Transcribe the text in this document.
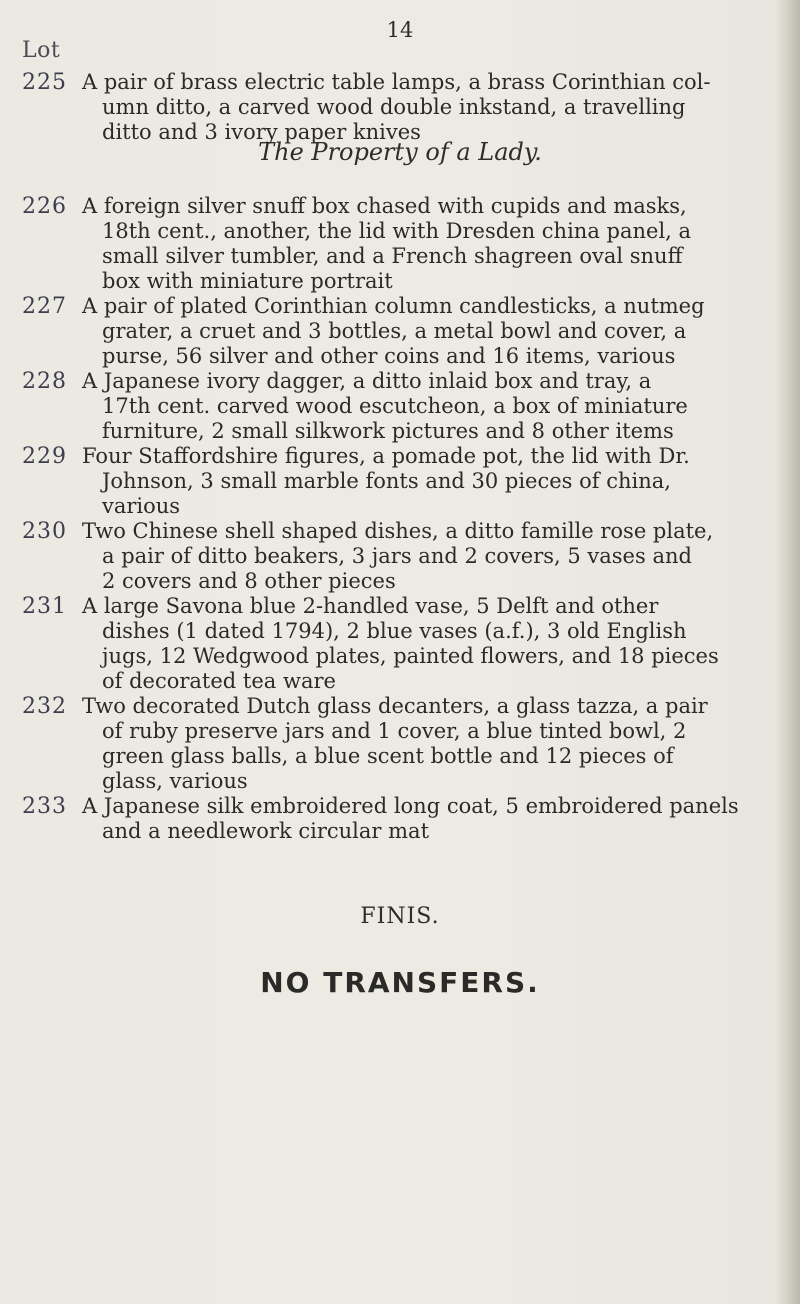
14
Lot
225 A pair of brass electric table lamps, a brass Corinthian col-
umn ditto, a carved wood double inkstand, a travelling
ditto and 3 ivory paper knives
The Property of a Lady.
226 A foreign silver snuff box chased with cupids and masks,
18th cent., another, the lid with Dresden china panel, a
small silver tumbler, and a French shagreen oval snuff
box with miniature portrait
227 A pair of plated Corinthian column candlesticks, a nutmeg
grater, a cruet and 3 bottles, a metal bowl and cover, a
purse, 56 silver and other coins and 16 items, various
228 A Japanese ivory dagger, a ditto inlaid box and tray, a
17th cent. carved wood escutcheon, a box of miniature
furniture, 2 small silkwork pictures and 8 other items
229 Four Staffordshire figures, a pomade pot, the lid with Dr.
Johnson, 3 small marble fonts and 30 pieces of china,
various
230 Two Chinese shell shaped dishes, a ditto famille rose plate,
a pair of ditto beakers, 3 jars and 2 covers, 5 vases and
2 covers and 8 other pieces
231 A large Savona blue 2-handled vase, 5 Delft and other
dishes (1 dated 1794), 2 blue vases (a.f.), 3 old English
jugs, 12 Wedgwood plates, painted flowers, and 18 pieces
of decorated tea ware
232 Two decorated Dutch glass decanters, a glass tazza, a pair
of ruby preserve jars and 1 cover, a blue tinted bowl, 2
green glass balls, a blue scent bottle and 12 pieces of
glass, various
233 A Japanese silk embroidered long coat, 5 embroidered panels
and a needlework circular mat
FINIS.
NO TRANSFERS.
